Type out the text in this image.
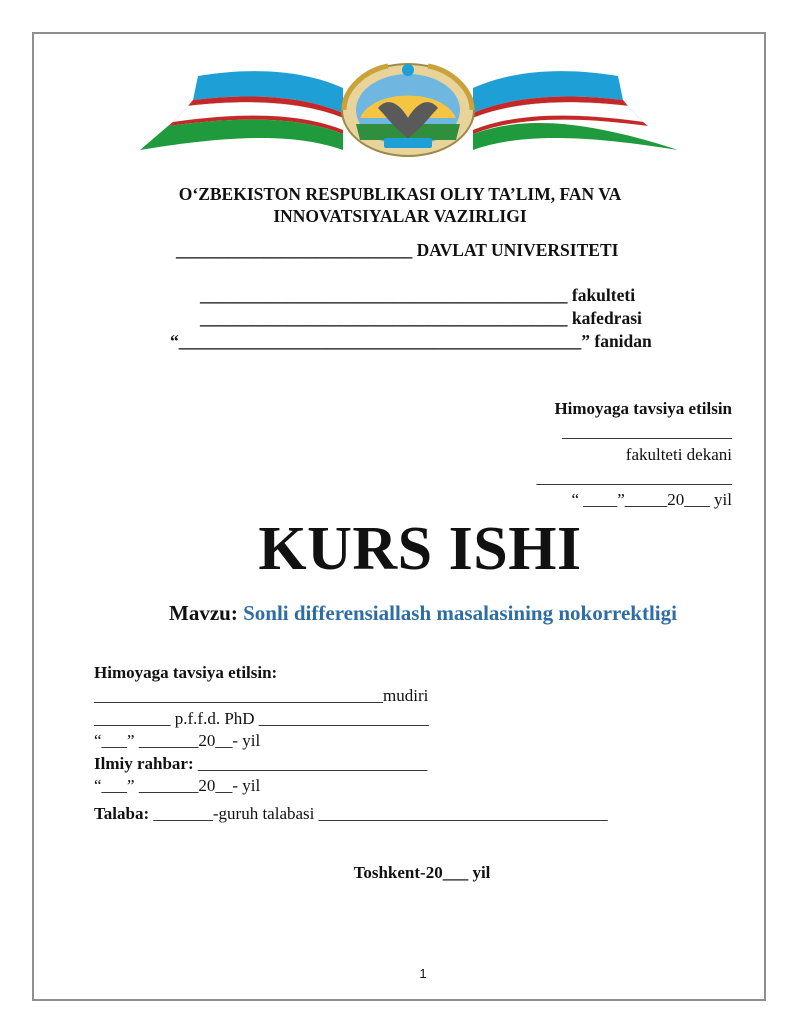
O‘ZBEKISTON RESPUBLIKASI OLIY TA’LIM, FAN VA
INNOVATSIYALAR VAZIRLIGI
___________________________ DAVLAT UNIVERSITETI
__________________________________________ fakulteti
__________________________________________ kafedrasi
“______________________________________________” fanidan
Himoyaga tavsiya etilsin
____________________
fakulteti dekani
_______________________
“ ____”_____20___ yil
KURS ISHI
Mavzu: Sonli differensiallash masalasining nokorrektligi
Himoyaga tavsiya etilsin:
__________________________________mudiri
_________ p.f.f.d. PhD ____________________
“___” _______20__- yil
Ilmiy rahbar: ___________________________
“___” _______20__- yil
Talaba: _______-guruh talabasi __________________________________
Toshkent-20___ yil
1
